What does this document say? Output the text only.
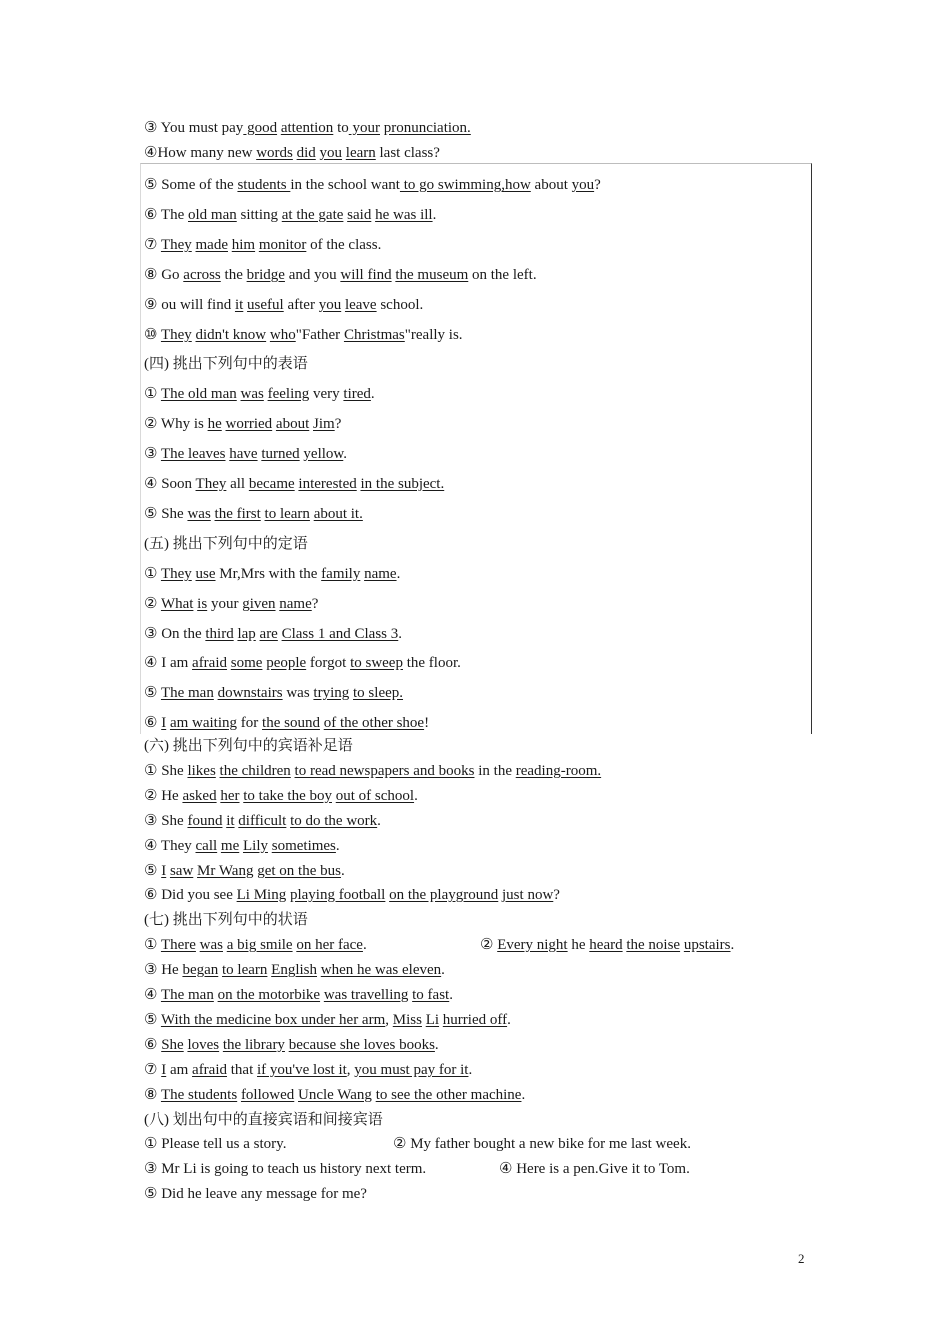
③ You must pay good attention to your pronunciation.
④How many new words did you learn last class?
⑤ Some of the students in the school want to go swimming,how about you?
⑥ The old man sitting at the gate said he was ill.
⑦ They made him monitor of the class.
⑧ Go across the bridge and you will find the museum on the left.
⑨ ou will find it useful after you leave school.
⑩ They didn't know who"Father Christmas"really is.
(四) 挑出下列句中的表语
① The old man was feeling very tired.
② Why is he worried about Jim?
③ The leaves have turned yellow.
④ Soon They all became interested in the subject.
⑤ She was the first to learn about it.
(五) 挑出下列句中的定语
① They use Mr,Mrs with the family name.
② What is your given name?
③ On the third lap are Class 1 and Class 3.
④ I am afraid some people forgot to sweep the floor.
⑤ The man downstairs was trying to sleep.
⑥ I am waiting for the sound of the other shoe!
(六) 挑出下列句中的宾语补足语
① She likes the children to read newspapers and books in the reading-room.
② He asked her to take the boy out of school.
③ She found it difficult to do the work.
④ They call me Lily sometimes.
⑤ I saw Mr Wang get on the bus.
⑥ Did you see Li Ming playing football on the playground just now?
(七) 挑出下列句中的状语
① There was a big smile on her face.	② Every night he heard the noise upstairs.
③ He began to learn English when he was eleven.
④ The man on the motorbike was travelling to fast.
⑤ With the medicine box under her arm, Miss Li hurried off.
⑥ She loves the library because she loves books.
⑦ I am afraid that if you've lost it, you must pay for it.
⑧ The students followed Uncle Wang to see the other machine.
(八) 划出句中的直接宾语和间接宾语
① Please tell us a story.	② My father bought a new bike for me last week.
③ Mr Li is going to teach us history next term.	④ Here is a pen.Give it to Tom.
⑤ Did he leave any message for me?
2
